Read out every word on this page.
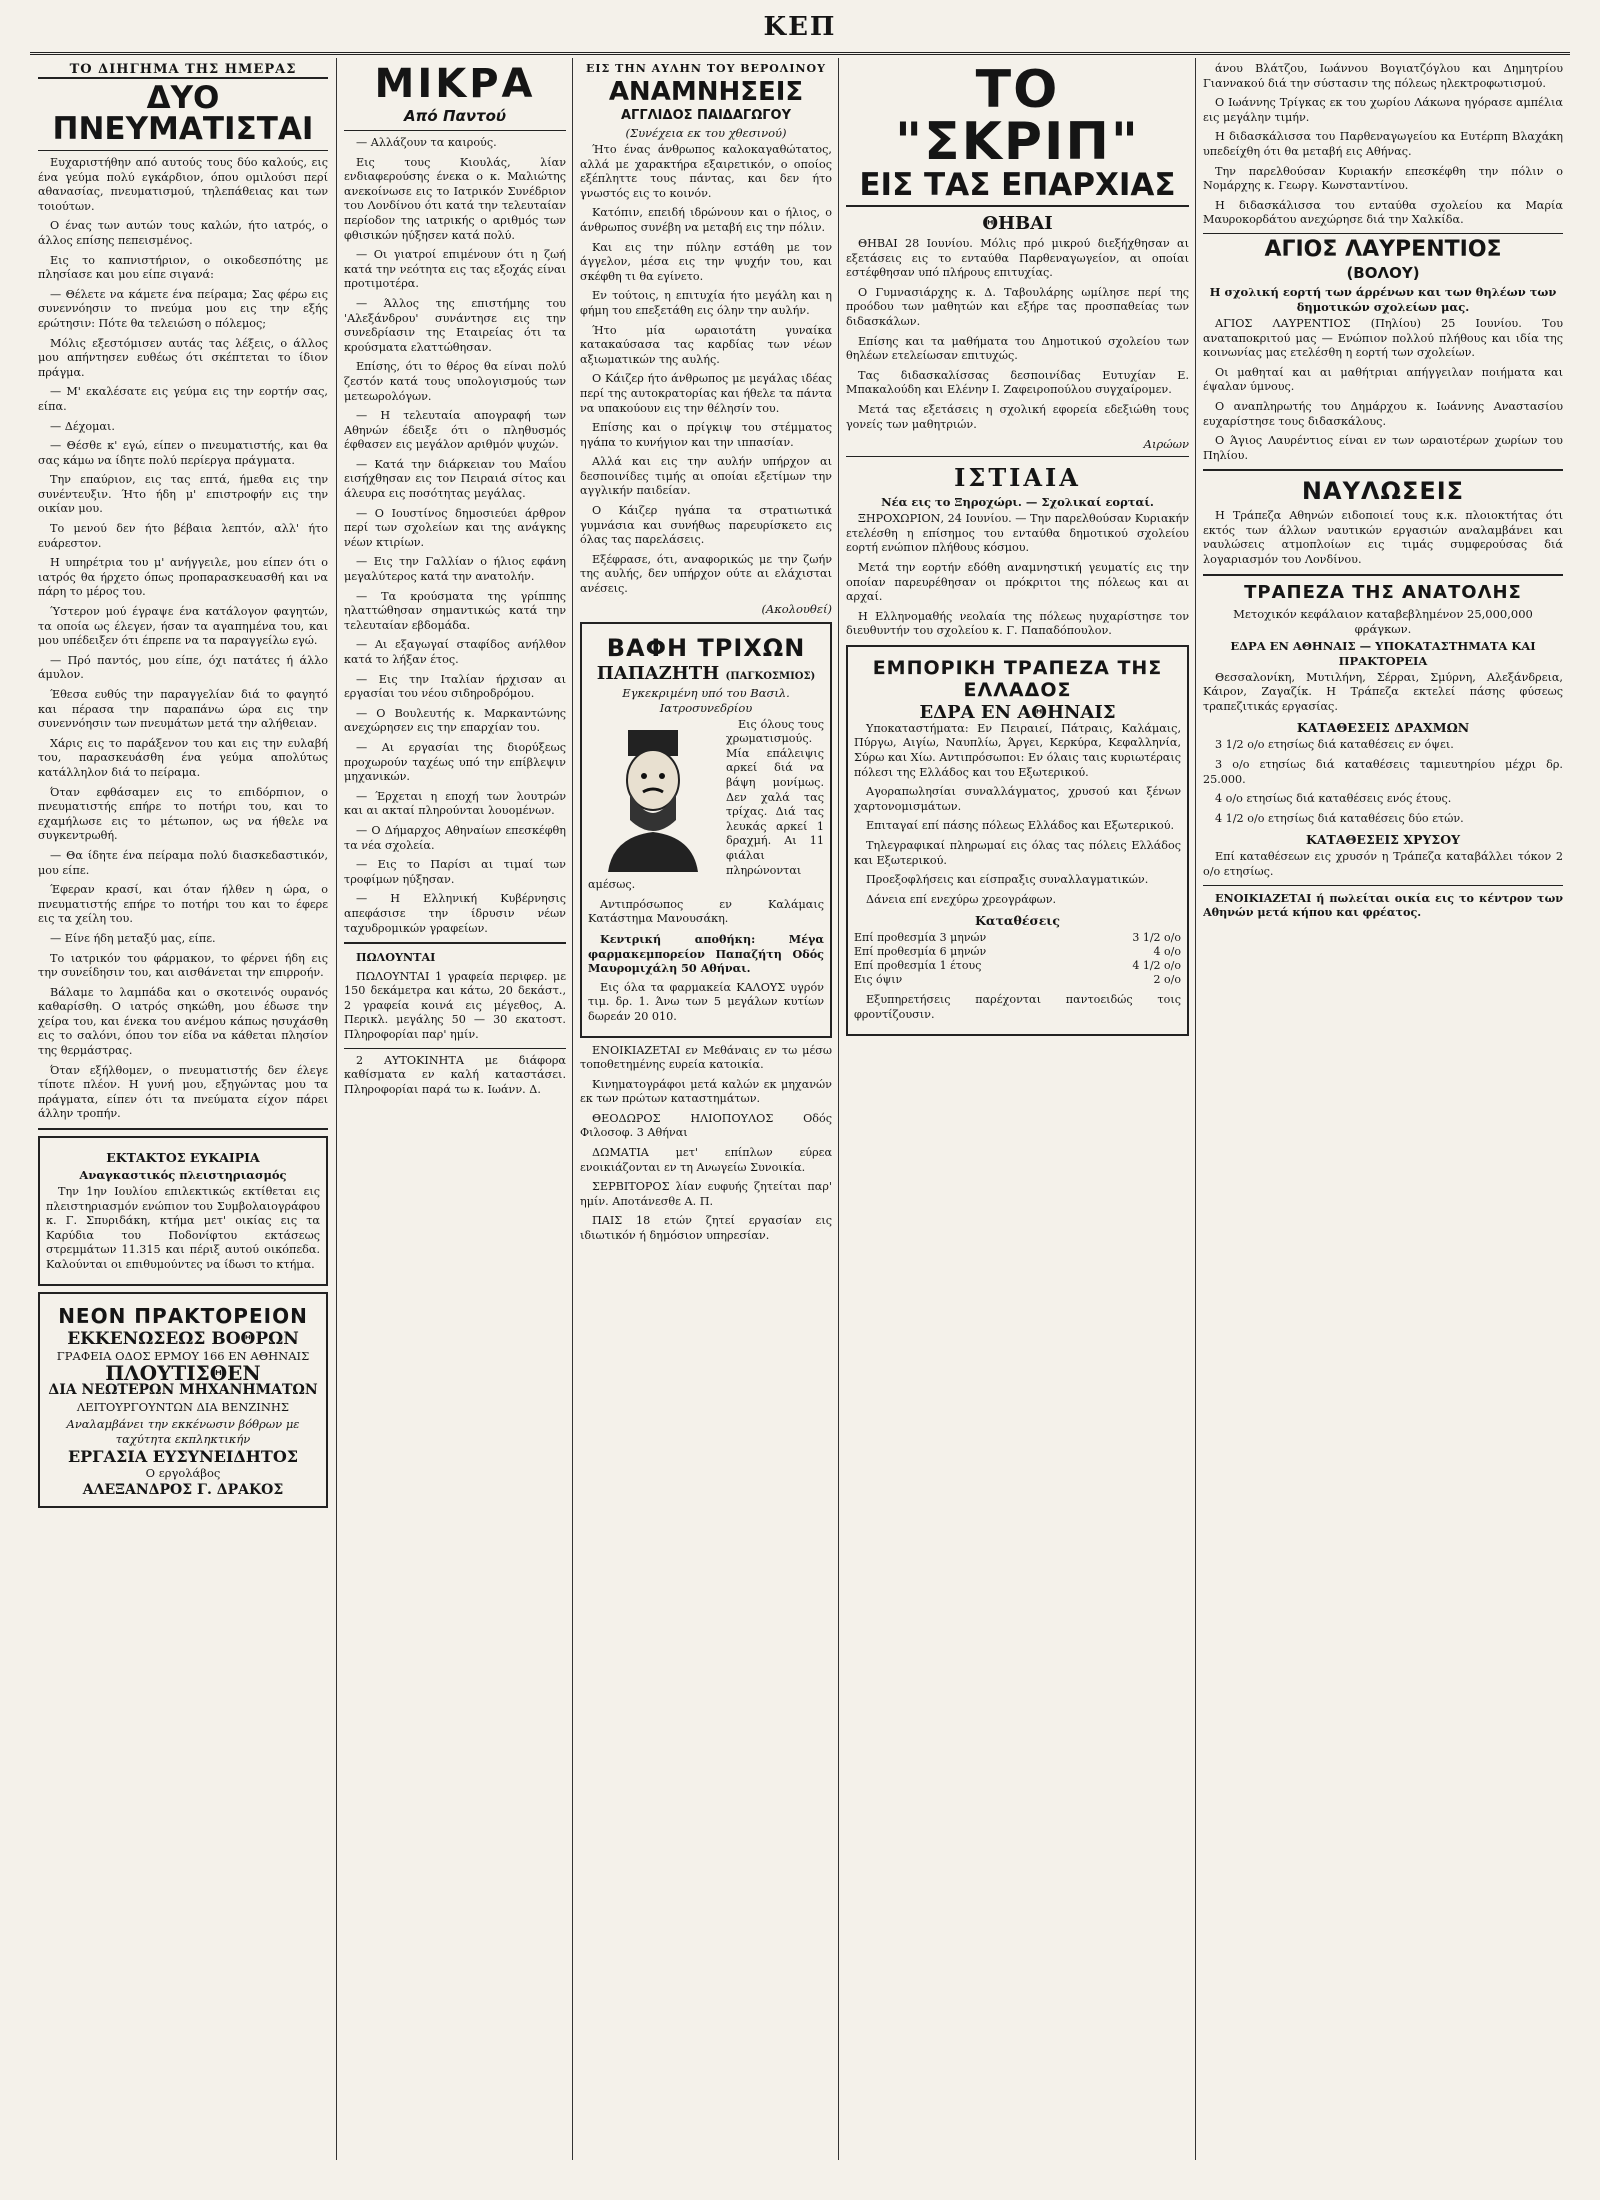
ΚΕΠ
ΤΟ ΔΙΗΓΗΜΑ ΤΗΣ ΗΜΕΡΑΣ
ΔΥΟ ΠΝΕΥΜΑΤΙΣΤΑΙ

Ευχαριστήθην από αυτούς τους δύο καλούς, εις ένα γεύμα πολύ εγκάρδιον, όπου ομιλούσι περί αθανασίας, πνευματισμού, τηλεπάθειας και των τοιούτων.

Ο ένας των αυτών τους καλών, ήτο ιατρός, ο άλλος επίσης πεπεισμένος.

Εις το καπνιστήριον, ο οικοδεσπότης με πλησίασε και μου είπε σιγανά:

— Θέλετε να κάμετε ένα πείραμα; Σας φέρω εις συνεννόησιν το πνεύμα μου εις την εξής ερώτησιν: Πότε θα τελειώση ο πόλεμος;

Μόλις εξεστόμισεν αυτάς τας λέξεις, ο άλλος μου απήντησεν ευθέως ότι σκέπτεται το ίδιον πράγμα.

— Μ' εκαλέσατε εις γεύμα εις την εορτήν σας, είπα.

— Δέχομαι.

— Θέσθε κ' εγώ, είπεν ο πνευματιστής, και θα σας κάμω να ίδητε πολύ περίεργα πράγματα.

Την επαύριον, εις τας επτά, ήμεθα εις την συνέντευξιν. Ήτο ήδη μ' επιστροφήν εις την οικίαν μου.

Το μενού δεν ήτο βέβαια λεπτόν, αλλ' ήτο ευάρεστον.

Η υπηρέτρια του μ' ανήγγειλε, μου είπεν ότι ο ιατρός θα ήρχετο όπως προπαρασκευασθή και να πάρη το μέρος του.

Ύστερον μού έγραψε ένα κατάλογον φαγητών, τα οποία ως έλεγεν, ήσαν τα αγαπημένα του, και μου υπέδειξεν ότι έπρεπε να τα παραγγείλω εγώ.

— Πρό παντός, μου είπε, όχι πατάτες ή άλλο άμυλον.

Έθεσα ευθύς την παραγγελίαν διά το φαγητό και πέρασα την παραπάνω ώρα εις την συνεννόησιν των πνευμάτων μετά την αλήθειαν.

Χάρις εις το παράξενον του και εις την ευλαβή του, παρασκευάσθη ένα γεύμα απολύτως κατάλληλον διά το πείραμα.

Όταν εφθάσαμεν εις το επιδόρπιον, ο πνευματιστής επήρε το ποτήρι του, και το εχαμήλωσε εις το μέτωπον, ως να ήθελε να συγκεντρωθή.

— Θα ίδητε ένα πείραμα πολύ διασκεδαστικόν, μου είπε.

Έφεραν κρασί, και όταν ήλθεν η ώρα, ο πνευματιστής επήρε το ποτήρι του και το έφερε εις τα χείλη του.

— Είνε ήδη μεταξύ μας, είπε.

Το ιατρικόν του φάρμακον, το φέρνει ήδη εις την συνείδησιν του, και αισθάνεται την επιρροήν.

Βάλαμε το λαμπάδα και ο σκοτεινός ουρανός καθαρίσθη. Ο ιατρός σηκώθη, μου έδωσε την χείρα του, και ένεκα του ανέμου κάπως ησυχάσθη εις το σαλόνι, όπου τον είδα να κάθεται πλησίον της θερμάστρας.

Όταν εξήλθομεν, ο πνευματιστής δεν έλεγε τίποτε πλέον. Η γυνή μου, εξηγώντας μου τα πράγματα, είπεν ότι τα πνεύματα είχον πάρει άλλην τροπήν.

ΕΚΤΑΚΤΟΣ ΕΥΚΑΙΡΙΑ
Αναγκαστικός πλειστηριασμός

Την 1ην Ιουλίου επιλεκτικώς εκτίθεται εις πλειστηριασμόν ενώπιον του Συμβολαιογράφου κ. Γ. Σπυριδάκη, κτήμα μετ' οικίας εις τα Καρύδια του Ποδονίφτου εκτάσεως στρεμμάτων 11.315 και πέριξ αυτού οικόπεδα. Καλούνται οι επιθυμούντες να ίδωσι το κτήμα.

ΝΕΟΝ ΠΡΑΚΤΟΡΕΙΟΝ
ΕΚΚΕΝΩΣΕΩΣ ΒΟΘΡΩΝ
ΓΡΑΦΕΙΑ ΟΔΟΣ ΕΡΜΟΥ 166 ΕΝ ΑΘΗΝΑΙΣ
ΠΛΟΥΤΙΣΘΕΝ
ΔΙΑ ΝΕΩΤΕΡΩΝ ΜΗΧΑΝΗΜΑΤΩΝ
ΛΕΙΤΟΥΡΓΟΥΝΤΩΝ ΔΙΑ ΒΕΝΖΙΝΗΣ
Αναλαμβάνει την εκκένωσιν βόθρων με ταχύτητα εκπληκτικήν
ΕΡΓΑΣΙΑ ΕΥΣΥΝΕΙΔΗΤΟΣ
Ο εργολάβος
ΑΛΕΞΑΝΔΡΟΣ Γ. ΔΡΑΚΟΣ
ΜΙΚΡΑ
Από Παντού

— Αλλάζουν τα καιρούς.

Εις τους Κιουλάς, λίαν ενδιαφερούσης ένεκα ο κ. Μαλιώτης ανεκοίνωσε εις το Ιατρικόν Συνέδριον του Λονδίνου ότι κατά την τελευταίαν περίοδον της ιατρικής ο αριθμός των φθισικών ηύξησεν κατά πολύ.

— Οι γιατροί επιμένουν ότι η ζωή κατά την νεότητα εις τας εξοχάς είναι προτιμοτέρα.

— Άλλος της επιστήμης του 'Αλεξάνδρου' συνάντησε εις την συνεδρίασιν της Εταιρείας ότι τα κρούσματα ελαττώθησαν.

Επίσης, ότι το θέρος θα είναι πολύ ζεστόν κατά τους υπολογισμούς των μετεωρολόγων.

— Η τελευταία απογραφή των Αθηνών έδειξε ότι ο πληθυσμός έφθασεν εις μεγάλον αριθμόν ψυχών.

— Κατά την διάρκειαν του Μαΐου εισήχθησαν εις τον Πειραιά σίτος και άλευρα εις ποσότητας μεγάλας.

— Ο Ιουστίνος δημοσιεύει άρθρον περί των σχολείων και της ανάγκης νέων κτιρίων.

— Εις την Γαλλίαν ο ήλιος εφάνη μεγαλύτερος κατά την ανατολήν.

— Τα κρούσματα της γρίππης ηλαττώθησαν σημαντικώς κατά την τελευταίαν εβδομάδα.

— Αι εξαγωγαί σταφίδος ανήλθον κατά το λήξαν έτος.

— Εις την Ιταλίαν ήρχισαν αι εργασίαι του νέου σιδηροδρόμου.

— Ο Βουλευτής κ. Μαρκαντώνης ανεχώρησεν εις την επαρχίαν του.

— Αι εργασίαι της διορύξεως προχωρούν ταχέως υπό την επίβλεψιν μηχανικών.

— Έρχεται η εποχή των λουτρών και αι ακταί πληρούνται λουομένων.

— Ο Δήμαρχος Αθηναίων επεσκέφθη τα νέα σχολεία.

— Εις το Παρίσι αι τιμαί των τροφίμων ηύξησαν.

— Η Ελληνική Κυβέρνησις απεφάσισε την ίδρυσιν νέων ταχυδρομικών γραφείων.

ΠΩΛΟΥΝΤΑΙ

ΠΩΛΟΥΝΤΑΙ 1 γραφεία περιφερ. με 150 δεκάμετρα και κάτω, 20 δεκάστ., 2 γραφεία κοινά εις μέγεθος, Α. Περικλ. μεγάλης 50 — 30 εκατοστ. Πληροφορίαι παρ' ημίν.

2 ΑΥΤΟΚΙΝΗΤΑ με διάφορα καθίσματα εν καλή καταστάσει. Πληροφορίαι παρά τω κ. Ιωάνν. Δ.

ΕΙΣ ΤΗΝ ΑΥΛΗΝ ΤΟΥ ΒΕΡΟΛΙΝΟΥ
ΑΝΑΜΝΗΣΕΙΣ
ΑΓΓΛΙΔΟΣ ΠΑΙΔΑΓΩΓΟΥ
(Συνέχεια εκ του χθεσινού)

Ήτο ένας άνθρωπος καλοκαγαθώτατος, αλλά με χαρακτήρα εξαιρετικόν, ο οποίος εξέπληττε τους πάντας, και δεν ήτο γνωστός εις το κοινόν.

Κατόπιν, επειδή ιδρώνουν και ο ήλιος, ο άνθρωπος συνέβη να μεταβή εις την πόλιν.

Και εις την πύλην εστάθη με τον άγγελον, μέσα εις την ψυχήν του, και σκέφθη τι θα εγίνετο.

Εν τούτοις, η επιτυχία ήτο μεγάλη και η φήμη του επεξετάθη εις όλην την αυλήν.

Ήτο μία ωραιοτάτη γυναίκα κατακαύσασα τας καρδίας των νέων αξιωματικών της αυλής.

Ο Κάιζερ ήτο άνθρωπος με μεγάλας ιδέας περί της αυτοκρατορίας και ήθελε τα πάντα να υπακούουν εις την θέλησίν του.

Επίσης και ο πρίγκιψ του στέμματος ηγάπα το κυνήγιον και την ιππασίαν.

Αλλά και εις την αυλήν υπήρχον αι δεσποινίδες τιμής αι οποίαι εξετίμων την αγγλικήν παιδείαν.

Ο Κάιζερ ηγάπα τα στρατιωτικά γυμνάσια και συνήθως παρευρίσκετο εις όλας τας παρελάσεις.

Εξέφρασε, ότι, αναφορικώς με την ζωήν της αυλής, δεν υπήρχον ούτε αι ελάχισται ανέσεις.

(Ακολουθεί)
ΒΑΦΗ ΤΡΙΧΩΝ
ΠΑΠΑΖΗΤΗ (ΠΑΓΚΟΣΜΙΟΣ)
Εγκεκριμένη υπό του Βασιλ. Ιατροσυνεδρίου

Εις όλους τους χρωματισμούς. Μία επάλειψις αρκεί διά να βάψη μονίμως. Δεν χαλά τας τρίχας. Διά τας λευκάς αρκεί 1 δραχμή. Αι 11 φιάλαι πληρώνονται αμέσως.

Αντιπρόσωπος εν Καλάμαις Κατάστημα Μανουσάκη.

Κεντρική αποθήκη: Μέγα φαρμακεμπορείον Παπαζήτη Οδός Μαυρομιχάλη 50 Αθήναι.

Εις όλα τα φαρμακεία ΚΑΛΟΥΣ υγρόν τιμ. δρ. 1. Άνω των 5 μεγάλων κυτίων δωρεάν 20 010.

ΕΝΟΙΚΙΑΖΕΤΑΙ εν Μεθάναις εν τω μέσω τοποθετημένης ευρεία κατοικία.

Κινηματογράφοι μετά καλών εκ μηχανών εκ των πρώτων καταστημάτων.

ΘΕΟΔΩΡΟΣ ΗΛΙΟΠΟΥΛΟΣ Οδός Φιλοσοφ. 3 Αθήναι

ΔΩΜΑΤΙΑ μετ' επίπλων εύρεα ενοικιάζονται εν τη Ανωγείω Συνοικία.

ΣΕΡΒΙΤΟΡΟΣ λίαν ευφυής ζητείται παρ' ημίν. Αποτάνεσθε Α. Π.

ΠΑΙΣ 18 ετών ζητεί εργασίαν εις ιδιωτικόν ή δημόσιον υπηρεσίαν.

ΤΟ "ΣΚΡΙΠ"
ΕΙΣ ΤΑΣ ΕΠΑΡΧΙΑΣ
ΘΗΒΑΙ

ΘΗΒΑΙ 28 Ιουνίου. Μόλις πρό μικρού διεξήχθησαν αι εξετάσεις εις το ενταύθα Παρθεναγωγείον, αι οποίαι εστέφθησαν υπό πλήρους επιτυχίας.

Ο Γυμνασιάρχης κ. Δ. Ταβουλάρης ωμίλησε περί της προόδου των μαθητών και εξήρε τας προσπαθείας των διδασκάλων.

Επίσης και τα μαθήματα του Δημοτικού σχολείου των θηλέων ετελείωσαν επιτυχώς.

Τας διδασκαλίσσας δεσποινίδας Ευτυχίαν Ε. Μπακαλούδη και Ελένην Ι. Ζαφειροπούλου συγχαίρομεν.

Μετά τας εξετάσεις η σχολική εφορεία εδεξιώθη τους γονείς των μαθητριών.

Αιρώων
ΙΣΤΙΑΙΑ
Νέα εις το Ξηροχώρι. — Σχολικαί εορταί.

ΞΗΡΟΧΩΡΙΟΝ, 24 Ιουνίου. — Την παρελθούσαν Κυριακήν ετελέσθη η επίσημος του ενταύθα δημοτικού σχολείου εορτή ενώπιον πλήθους κόσμου.

Μετά την εορτήν εδόθη αναμνηστική γευματίς εις την οποίαν παρευρέθησαν οι πρόκριτοι της πόλεως και αι αρχαί.

Η Ελληνομαθής νεολαία της πόλεως ηυχαρίστησε τον διευθυντήν του σχολείου κ. Γ. Παπαδόπουλον.

ΕΜΠΟΡΙΚΗ ΤΡΑΠΕΖΑ ΤΗΣ ΕΛΛΑΔΟΣ
ΕΔΡΑ ΕΝ ΑΘΗΝΑΙΣ

Υποκαταστήματα: Εν Πειραιεί, Πάτραις, Καλάμαις, Πύργω, Αιγίω, Ναυπλίω, Άργει, Κερκύρα, Κεφαλληνία, Σύρω και Χίω. Αντιπρόσωποι: Εν όλαις ταις κυριωτέραις πόλεσι της Ελλάδος και του Εξωτερικού.

Αγοραπωλησίαι συναλλάγματος, χρυσού και ξένων χαρτονομισμάτων.

Επιταγαί επί πάσης πόλεως Ελλάδος και Εξωτερικού.

Τηλεγραφικαί πληρωμαί εις όλας τας πόλεις Ελλάδος και Εξωτερικού.

Προεξοφλήσεις και είσπραξις συναλλαγματικών.

Δάνεια επί ενεχύρω χρεογράφων.

Καταθέσεις
Επί προθεσμία 3 μηνών	3 1/2 ο/ο
Επί προθεσμία 6 μηνών	4 ο/ο
Επί προθεσμία 1 έτους	4 1/2 ο/ο
Εις όψιν	2 ο/ο

Εξυπηρετήσεις παρέχονται παντοειδώς τοις φροντίζουσιν.

άνου Βλάτζου, Ιωάννου Βογιατζόγλου και Δημητρίου Γιαννακού διά την σύστασιν της πόλεως ηλεκτροφωτισμού.

Ο Ιωάννης Τρίγκας εκ του χωρίου Λάκωνα ηγόρασε αμπέλια εις μεγάλην τιμήν.

Η διδασκάλισσα του Παρθεναγωγείου κα Ευτέρπη Βλαχάκη υπεδείχθη ότι θα μεταβή εις Αθήνας.

Την παρελθούσαν Κυριακήν επεσκέφθη την πόλιν ο Νομάρχης κ. Γεωργ. Κωνσταντίνου.

Η διδασκάλισσα του ενταύθα σχολείου κα Μαρία Μαυροκορδάτου ανεχώρησε διά την Χαλκίδα.

ΑΓΙΟΣ ΛΑΥΡΕΝΤΙΟΣ
(ΒΟΛΟΥ)
Η σχολική εορτή των άρρένων και των θηλέων των δημοτικών σχολείων μας.

ΑΓΙΟΣ ΛΑΥΡΕΝΤΙΟΣ (Πηλίου) 25 Ιουνίου. Του αναταποκριτού μας — Ενώπιον πολλού πλήθους και ιδία της κοινωνίας μας ετελέσθη η εορτή των σχολείων.

Οι μαθηταί και αι μαθήτριαι απήγγειλαν ποιήματα και έψαλαν ύμνους.

Ο αναπληρωτής του Δημάρχου κ. Ιωάννης Αναστασίου ευχαρίστησε τους διδασκάλους.

Ο Άγιος Λαυρέντιος είναι εν των ωραιοτέρων χωρίων του Πηλίου.

ΝΑΥΛΩΣΕΙΣ

Η Τράπεζα Αθηνών ειδοποιεί τους κ.κ. πλοιοκτήτας ότι εκτός των άλλων ναυτικών εργασιών αναλαμβάνει και ναυλώσεις ατμοπλοίων εις τιμάς συμφερούσας διά λογαριασμόν του Λονδίνου.

ΤΡΑΠΕΖΑ ΤΗΣ ΑΝΑΤΟΛΗΣ
Μετοχικόν κεφάλαιον καταβεβλημένον 25,000,000 φράγκων.
ΕΔΡΑ ΕΝ ΑΘΗΝΑΙΣ — ΥΠΟΚΑΤΑΣΤΗΜΑΤΑ ΚΑΙ ΠΡΑΚΤΟΡΕΙΑ

Θεσσαλονίκη, Μυτιλήνη, Σέρραι, Σμύρνη, Αλεξάνδρεια, Κάιρον, Ζαγαζίκ. Η Τράπεζα εκτελεί πάσης φύσεως τραπεζιτικάς εργασίας.

ΚΑΤΑΘΕΣΕΙΣ ΔΡΑΧΜΩΝ

3 1/2 ο/ο ετησίως διά καταθέσεις εν όψει.

3 ο/ο ετησίως διά καταθέσεις ταμιευτηρίου μέχρι δρ. 25.000.

4 ο/ο ετησίως διά καταθέσεις ενός έτους.

4 1/2 ο/ο ετησίως διά καταθέσεις δύο ετών.

ΚΑΤΑΘΕΣΕΙΣ ΧΡΥΣΟΥ

Επί καταθέσεων εις χρυσόν η Τράπεζα καταβάλλει τόκον 2 ο/ο ετησίως.

ΕΝΟΙΚΙΑΖΕΤΑΙ ή πωλείται οικία εις το κέντρον των Αθηνών μετά κήπου και φρέατος.
